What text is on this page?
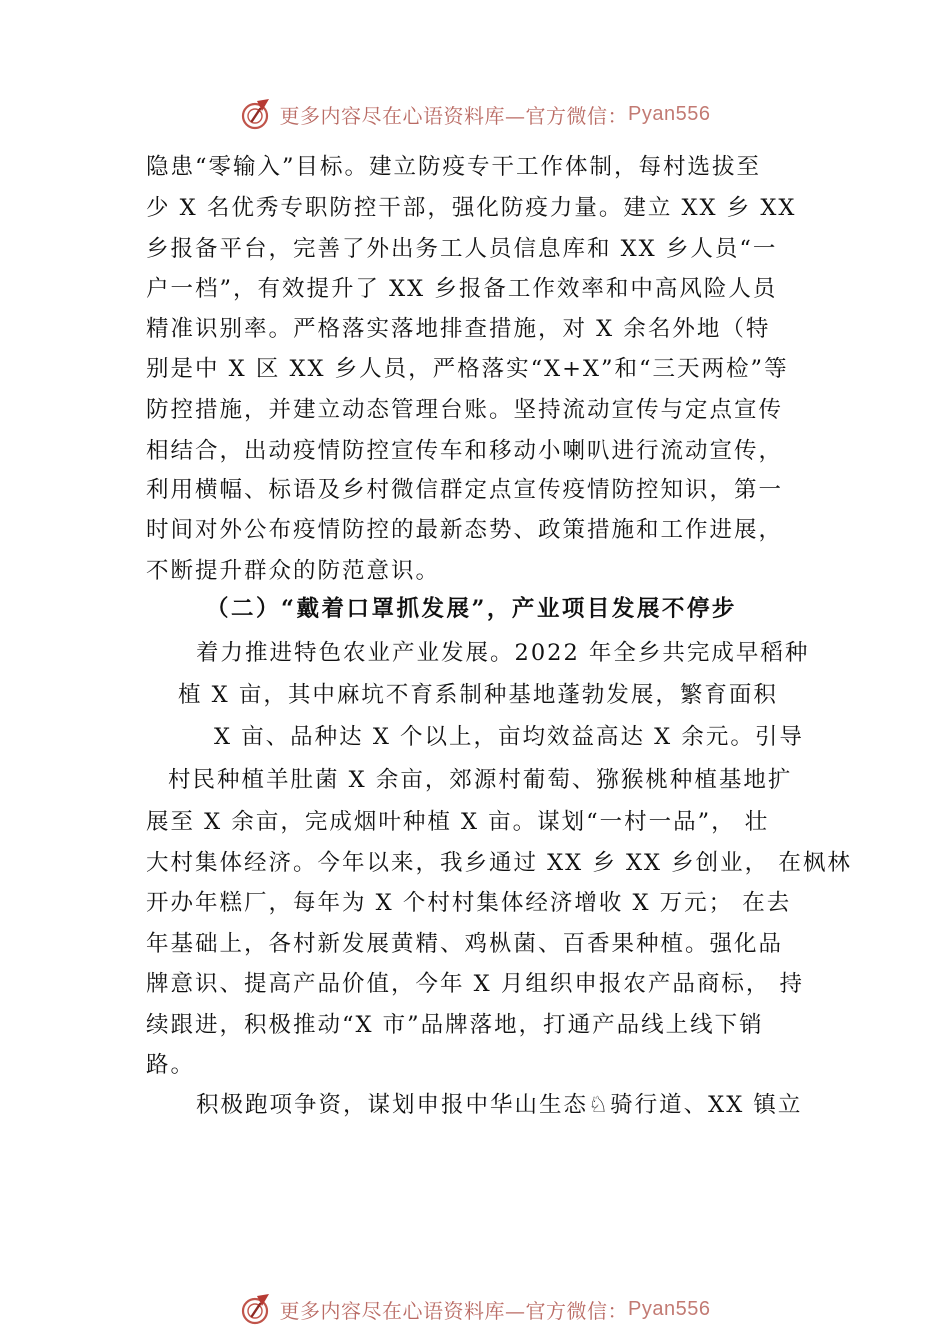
更多内容尽在心语资料库—官方微信： Pyan556
隐患“零输入”目标。建立防疫专干工作体制，每村选拔至
少 X 名优秀专职防控干部，强化防疫力量。建立 XX 乡 XX
乡报备平台，完善了外出务工人员信息库和 XX 乡人员“一
户一档”，有效提升了 XX 乡报备工作效率和中高风险人员
精准识别率。严格落实落地排查措施，对 X 余名外地（特
别是中 X 区 XX 乡人员，严格落实“X+X”和“三天两检”等
防控措施，并建立动态管理台账。坚持流动宣传与定点宣传
相结合，出动疫情防控宣传车和移动小喇叭进行流动宣传，
利用横幅、标语及乡村微信群定点宣传疫情防控知识，第一
时间对外公布疫情防控的最新态势、政策措施和工作进展，
不断提升群众的防范意识。
（二）“戴着口罩抓发展”，产业项目发展不停步
着力推进特色农业产业发展。2022 年全乡共完成早稻种
植 X 亩，其中麻坑不育系制种基地蓬勃发展，繁育面积
X 亩、品种达 X 个以上，亩均效益高达 X 余元。引导
村民种植羊肚菌 X 余亩，郊源村葡萄、猕猴桃种植基地扩
展至 X 余亩，完成烟叶种植 X 亩。谋划“一村一品”， 壮
大村集体经济。今年以来，我乡通过 XX 乡 XX 乡创业， 在枫林
开办年糕厂，每年为 X 个村村集体经济增收 X 万元； 在去
年基础上，各村新发展黄精、鸡枞菌、百香果种植。强化品
牌意识、提高产品价值，今年 X 月组织申报农产品商标， 持
续跟进，积极推动“X 市”品牌落地，打通产品线上线下销
路。
积极跑项争资，谋划申报中华山生态♘骑行道、XX 镇立
更多内容尽在心语资料库—官方微信： Pyan556
